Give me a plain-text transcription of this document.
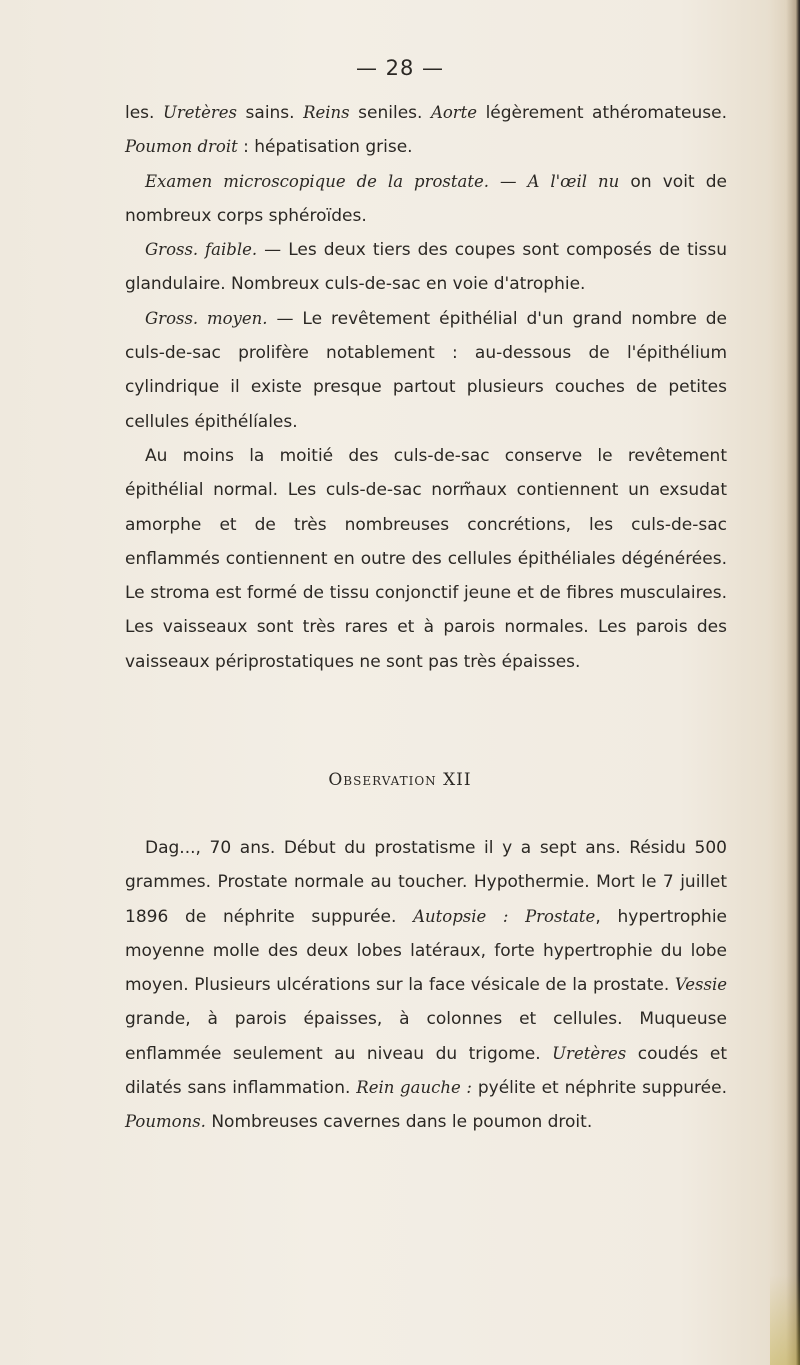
— 28 —

les. Uretères sains. Reins seniles. Aorte légèrement athéromateuse. Poumon droit : hépatisation grise.

Examen microscopique de la prostate. — A l'œil nu on voit de nombreux corps sphéroïdes.

Gross. faible. — Les deux tiers des coupes sont composés de tissu glandulaire. Nombreux culs-de-sac en voie d'atrophie.

Gross. moyen. — Le revêtement épithélial d'un grand nombre de culs-de-sac prolifère notablement : au-dessous de l'épithélium cylindrique il existe presque partout plusieurs couches de petites cellules épithélíales.

Au moins la moitié des culs-de-sac conserve le revêtement épithélial normal. Les culs-de-sac norm̃aux contiennent un exsudat amorphe et de très nombreuses concrétions, les culs-de-sac enflammés contiennent en outre des cellules épithéliales dégénérées. Le stroma est formé de tissu conjonctif jeune et de fibres musculaires. Les vaisseaux sont très rares et à parois normales. Les parois des vaisseaux périprostatiques ne sont pas très épaisses.

Observation XII

Dag..., 70 ans. Début du prostatisme il y a sept ans. Résidu 500 grammes. Prostate normale au toucher. Hypothermie. Mort le 7 juillet 1896 de néphrite suppurée. Autopsie : Prostate, hypertrophie moyenne molle des deux lobes latéraux, forte hypertrophie du lobe moyen. Plusieurs ulcérations sur la face vésicale de la prostate. Vessie grande, à parois épaisses, à colonnes et cellules. Muqueuse enflammée seulement au niveau du trigome. Uretères coudés et dilatés sans inflammation. Rein gauche : pyélite et néphrite suppurée. Poumons. Nombreuses cavernes dans le poumon droit.
